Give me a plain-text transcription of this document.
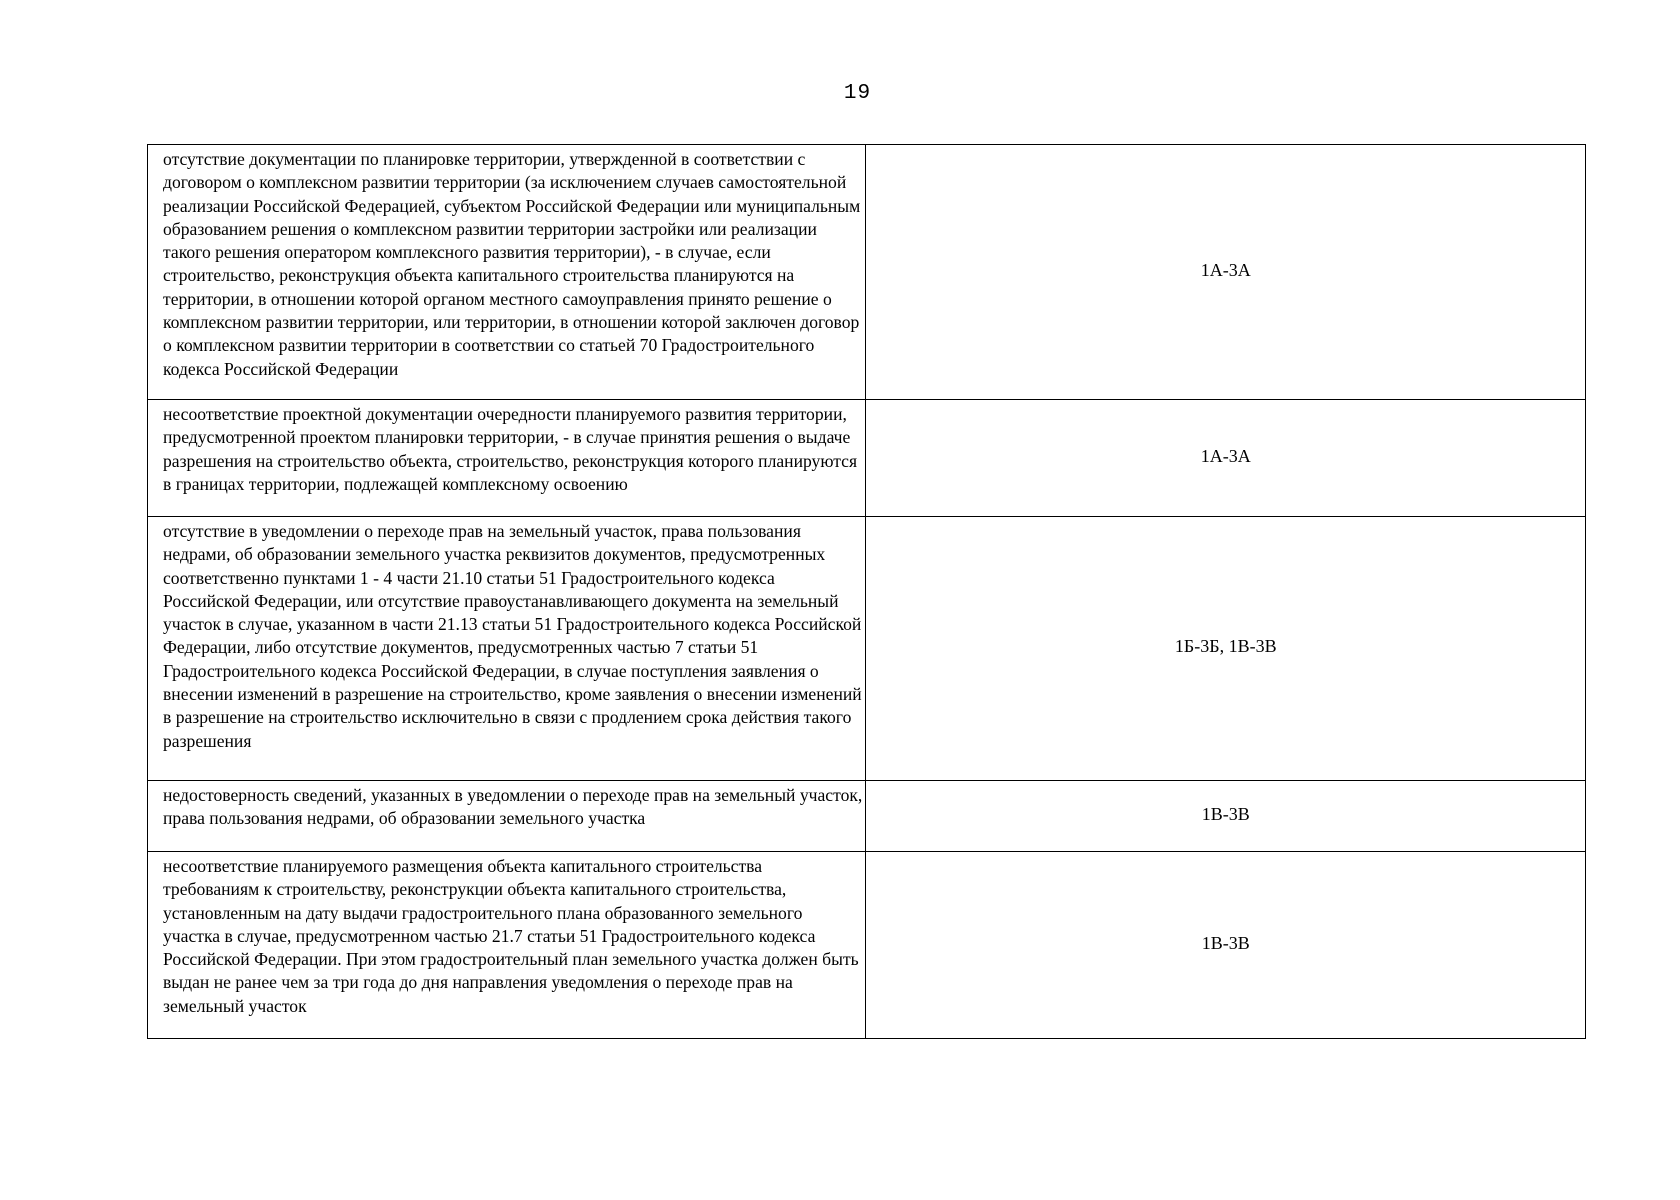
19
отсутствие документации по планировке территории, утвержденной в соответствии с договором о комплексном развитии территории (за исключением случаев самостоятельной реализации Российской Федерацией, субъектом Российской Федерации или муниципальным образованием решения о комплексном развитии территории застройки или реализации такого решения оператором комплексного развития территории), - в случае, если строительство, реконструкция объекта капитального строительства планируются на территории, в отношении которой органом местного самоуправления принято решение о комплексном развитии территории, или территории, в отношении которой заключен договор о комплексном развитии территории в соответствии со статьей 70 Градостроительного кодекса Российской Федерации	1А-3А

несоответствие проектной документации очередности планируемого развития территории, предусмотренной проектом планировки территории, - в случае принятия решения о выдаче разрешения на строительство объекта, строительство, реконструкция которого планируются в границах территории, подлежащей комплексному освоению	1А-3А

отсутствие в уведомлении о переходе прав на земельный участок, права пользования недрами, об образовании земельного участка реквизитов документов, предусмотренных соответственно пунктами 1 - 4 части 21.10 статьи 51 Градостроительного кодекса Российской Федерации, или отсутствие правоустанавливающего документа на земельный участок в случае, указанном в части 21.13 статьи 51 Градостроительного кодекса Российской Федерации, либо отсутствие документов, предусмотренных частью 7 статьи 51 Градостроительного кодекса Российской Федерации, в случае поступления заявления о внесении изменений в разрешение на строительство, кроме заявления о внесении изменений в разрешение на строительство исключительно в связи с продлением срока действия такого разрешения	1Б-3Б, 1В-3В

недостоверность сведений, указанных в уведомлении о переходе прав на земельный участок, права пользования недрами, об образовании земельного участка	1В-3В

несоответствие планируемого размещения объекта капитального строительства требованиям к строительству, реконструкции объекта капитального строительства, установленным на дату выдачи градостроительного плана образованного земельного участка в случае, предусмотренном частью 21.7 статьи 51 Градостроительного кодекса Российской Федерации. При этом градостроительный план земельного участка должен быть выдан не ранее чем за три года до дня направления уведомления о переходе прав на земельный участок	1В-3В
